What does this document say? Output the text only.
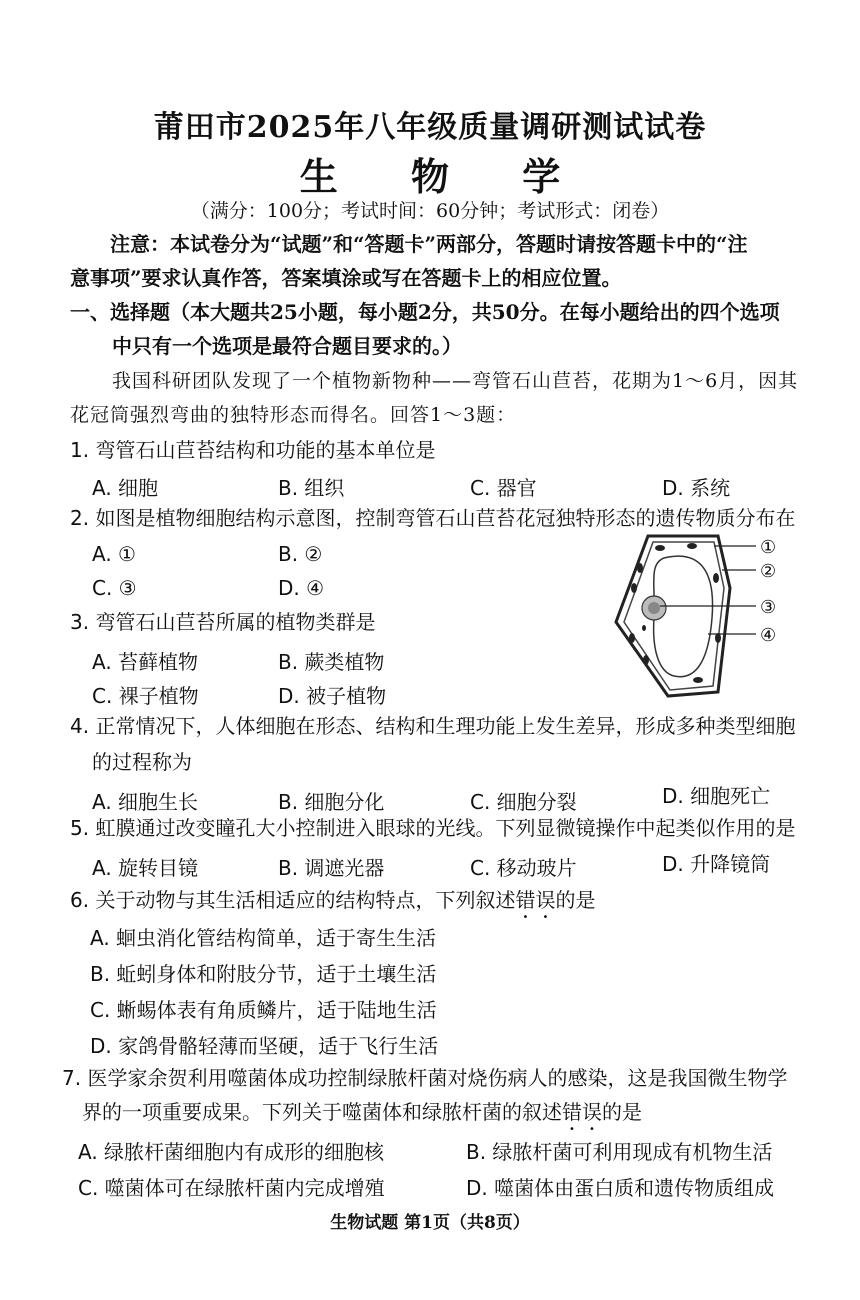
莆田市2025年八年级质量调研测试试卷
生 物 学
（满分：100分；考试时间：60分钟；考试形式：闭卷）
注意：本试卷分为“试题”和“答题卡”两部分，答题时请按答题卡中的“注
意事项”要求认真作答，答案填涂或写在答题卡上的相应位置。
一、选择题（本大题共25小题，每小题2分，共50分。在每小题给出的四个选项
中只有一个选项是最符合题目要求的。）
我国科研团队发现了一个植物新物种——弯管石山苣苔，花期为1～6月，因其
花冠筒强烈弯曲的独特形态而得名。回答1～3题：
1. 弯管石山苣苔结构和功能的基本单位是
A. 细胞	B. 组织	C. 器官	D. 系统
2. 如图是植物细胞结构示意图，控制弯管石山苣苔花冠独特形态的遗传物质分布在
A. ①	B. ②
C. ③	D. ④
3. 弯管石山苣苔所属的植物类群是
A. 苔藓植物	B. 蕨类植物
C. 裸子植物	D. 被子植物
①
②
③
④
4. 正常情况下，人体细胞在形态、结构和生理功能上发生差异，形成多种类型细胞
的过程称为
A. 细胞生长	B. 细胞分化	C. 细胞分裂	D. 细胞死亡
5. 虹膜通过改变瞳孔大小控制进入眼球的光线。下列显微镜操作中起类似作用的是
A. 旋转目镜	B. 调遮光器	C. 移动玻片	D. 升降镜筒
6. 关于动物与其生活相适应的结构特点，下列叙述错误的是
A. 蛔虫消化管结构简单，适于寄生生活
B. 蚯蚓身体和附肢分节，适于土壤生活
C. 蜥蜴体表有角质鳞片，适于陆地生活
D. 家鸽骨骼轻薄而坚硬，适于飞行生活
7. 医学家余贺利用噬菌体成功控制绿脓杆菌对烧伤病人的感染，这是我国微生物学
界的一项重要成果。下列关于噬菌体和绿脓杆菌的叙述错误的是
A. 绿脓杆菌细胞内有成形的细胞核	B. 绿脓杆菌可利用现成有机物生活
C. 噬菌体可在绿脓杆菌内完成增殖	D. 噬菌体由蛋白质和遗传物质组成
生物试题 第1页（共8页）
